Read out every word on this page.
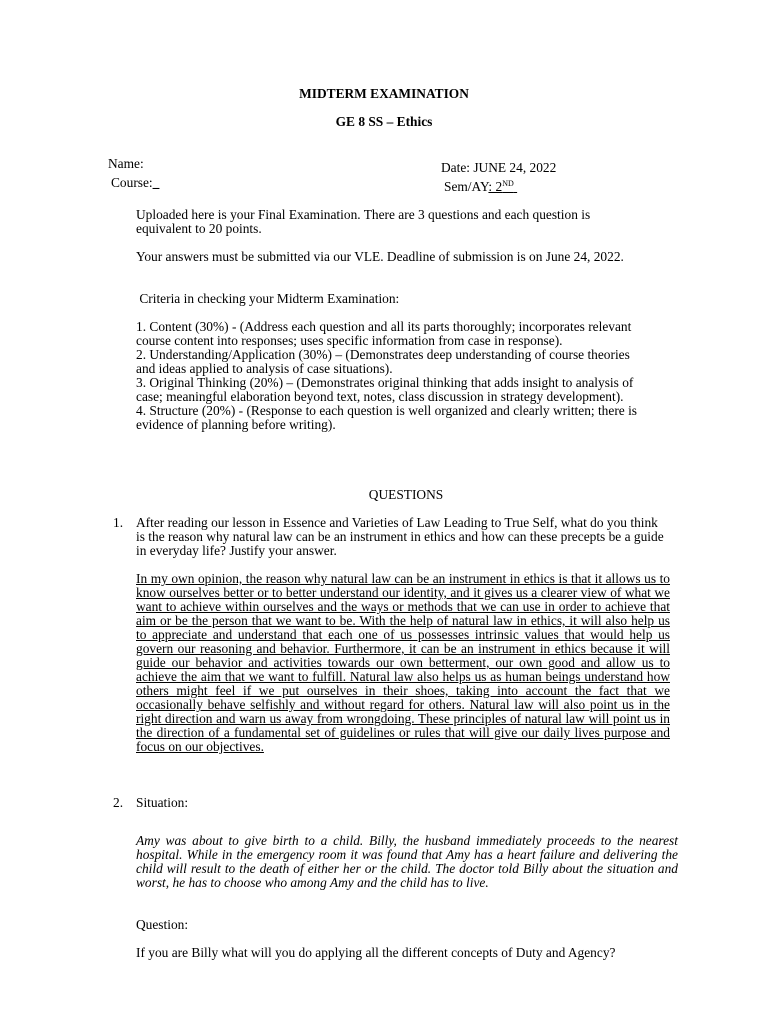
MIDTERM EXAMINATION
GE 8 SS – Ethics
Name:
Course:_
Date: JUNE 24, 2022
Sem/AY: 2ND
Uploaded here is your Final Examination. There are 3 questions and each question is equivalent to 20 points.
Your answers must be submitted via our VLE. Deadline of submission is on June 24, 2022.
Criteria in checking your Midterm Examination:
1. Content (30%) - (Address each question and all its parts thoroughly; incorporates relevant course content into responses; uses specific information from case in response).
2. Understanding/Application (30%) – (Demonstrates deep understanding of course theories and ideas applied to analysis of case situations).
3. Original Thinking (20%) – (Demonstrates original thinking that adds insight to analysis of case; meaningful elaboration beyond text, notes, class discussion in strategy development).
4. Structure (20%) - (Response to each question is well organized and clearly written; there is evidence of planning before writing).
QUESTIONS
1. After reading our lesson in Essence and Varieties of Law Leading to True Self, what do you think is the reason why natural law can be an instrument in ethics and how can these precepts be a guide in everyday life? Justify your answer.
In my own opinion, the reason why natural law can be an instrument in ethics is that it allows us to know ourselves better or to better understand our identity, and it gives us a clearer view of what we want to achieve within ourselves and the ways or methods that we can use in order to achieve that aim or be the person that we want to be. With the help of natural law in ethics, it will also help us to appreciate and understand that each one of us possesses intrinsic values that would help us govern our reasoning and behavior. Furthermore, it can be an instrument in ethics because it will guide our behavior and activities towards our own betterment, our own good and allow us to achieve the aim that we want to fulfill. Natural law also helps us as human beings understand how others might feel if we put ourselves in their shoes, taking into account the fact that we occasionally behave selfishly and without regard for others. Natural law will also point us in the right direction and warn us away from wrongdoing. These principles of natural law will point us in the direction of a fundamental set of guidelines or rules that will give our daily lives purpose and focus on our objectives.
2. Situation:
Amy was about to give birth to a child. Billy, the husband immediately proceeds to the nearest hospital. While in the emergency room it was found that Amy has a heart failure and delivering the child will result to the death of either her or the child. The doctor told Billy about the situation and worst, he has to choose who among Amy and the child has to live.
Question:
If you are Billy what will you do applying all the different concepts of Duty and Agency?
